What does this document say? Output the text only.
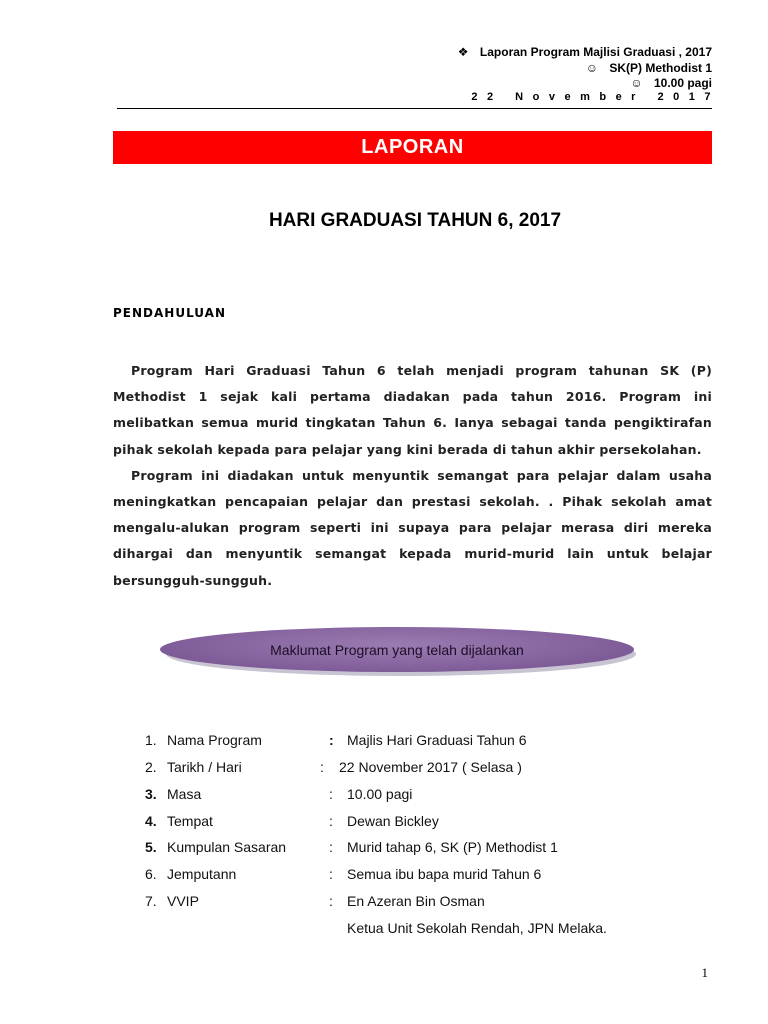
❖ Laporan Program Majlisi Graduasi , 2017
☺ SK(P) Methodist 1
☺ 10.00 pagi
22 November 2017
LAPORAN
HARI GRADUASI TAHUN 6, 2017
PENDAHULUAN

Program Hari Graduasi Tahun 6 telah menjadi program tahunan SK (P) Methodist 1 sejak kali pertama diadakan pada tahun 2016. Program ini melibatkan semua murid tingkatan Tahun 6. Ianya sebagai tanda pengiktirafan pihak sekolah kepada para pelajar yang kini berada di tahun akhir persekolahan.

Program ini diadakan untuk menyuntik semangat para pelajar dalam usaha meningkatkan pencapaian pelajar dan prestasi sekolah. . Pihak sekolah amat mengalu-alukan program seperti ini supaya para pelajar merasa diri mereka dihargai dan menyuntik semangat kepada murid-murid lain untuk belajar bersungguh-sungguh.

Maklumat Program yang telah dijalankan
1. Nama Program	: Majlis Hari Graduasi Tahun 6
2. Tarikh / Hari	: 22 November 2017 ( Selasa )
3. Masa	: 10.00 pagi
4. Tempat	: Dewan Bickley
5. Kumpulan Sasaran	: Murid tahap 6, SK (P) Methodist 1
6. Jemputann	: Semua ibu bapa murid Tahun 6
7. VVIP	: En Azeran Bin Osman
Ketua Unit Sekolah Rendah, JPN Melaka.
1
